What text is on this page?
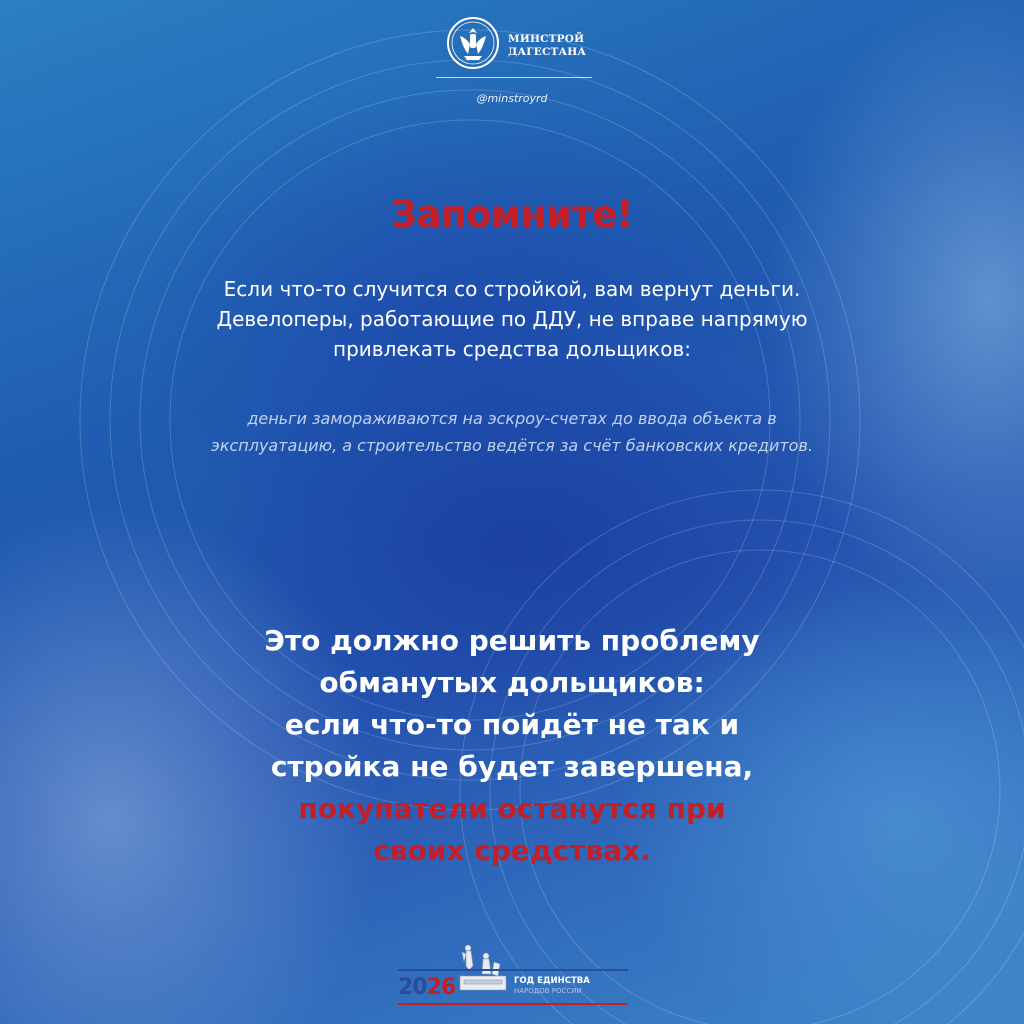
МИНСТРОЙ
ДАГЕСТАНА
@minstroyrd
Запомните!
Если что-то случится со стройкой, вам вернут деньги.
Девелоперы, работающие по ДДУ, не вправе напрямую
привлекать средства дольщиков:
деньги замораживаются на эскроу-счетах до ввода объекта в
эксплуатацию, а строительство ведётся за счёт банковских кредитов.
Это должно решить проблему
обманутых дольщиков:
если что-то пойдёт не так и
стройка не будет завершена,
покупатели останутся при
своих средствах.
2026	ГОД ЕДИНСТВА
НАРОДОВ РОССИИ
